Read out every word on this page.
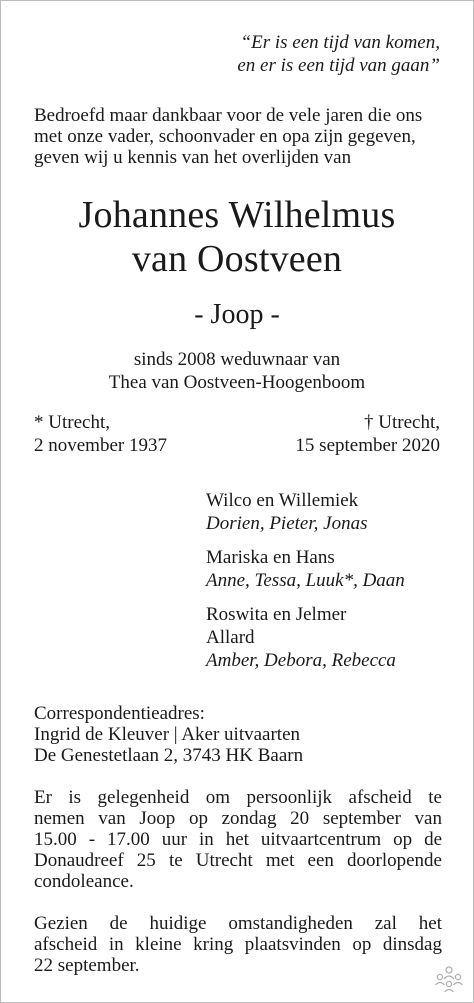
“Er is een tijd van komen,
en er is een tijd van gaan”
Bedroefd maar dankbaar voor de vele jaren die ons
met onze vader, schoonvader en opa zijn gegeven,
geven wij u kennis van het overlijden van
Johannes Wilhelmus
van Oostveen
- Joop -
sinds 2008 weduwnaar van
Thea van Oostveen-Hoogenboom
* Utrecht,
2 november 1937
† Utrecht,
15 september 2020
Wilco en Willemiek
Dorien, Pieter, Jonas
Mariska en Hans
Anne, Tessa, Luuk*, Daan
Roswita en Jelmer
Allard
Amber, Debora, Rebecca
Correspondentieadres:
Ingrid de Kleuver | Aker uitvaarten
De Genestetlaan 2, 3743 HK Baarn
Er is gelegenheid om persoonlijk afscheid te
nemen van Joop op zondag 20 september van
15.00 - 17.00 uur in het uitvaartcentrum op de
Donaudreef 25 te Utrecht met een doorlopende
condoleance.
Gezien de huidige omstandigheden zal het
afscheid in kleine kring plaatsvinden op dinsdag
22 september.
